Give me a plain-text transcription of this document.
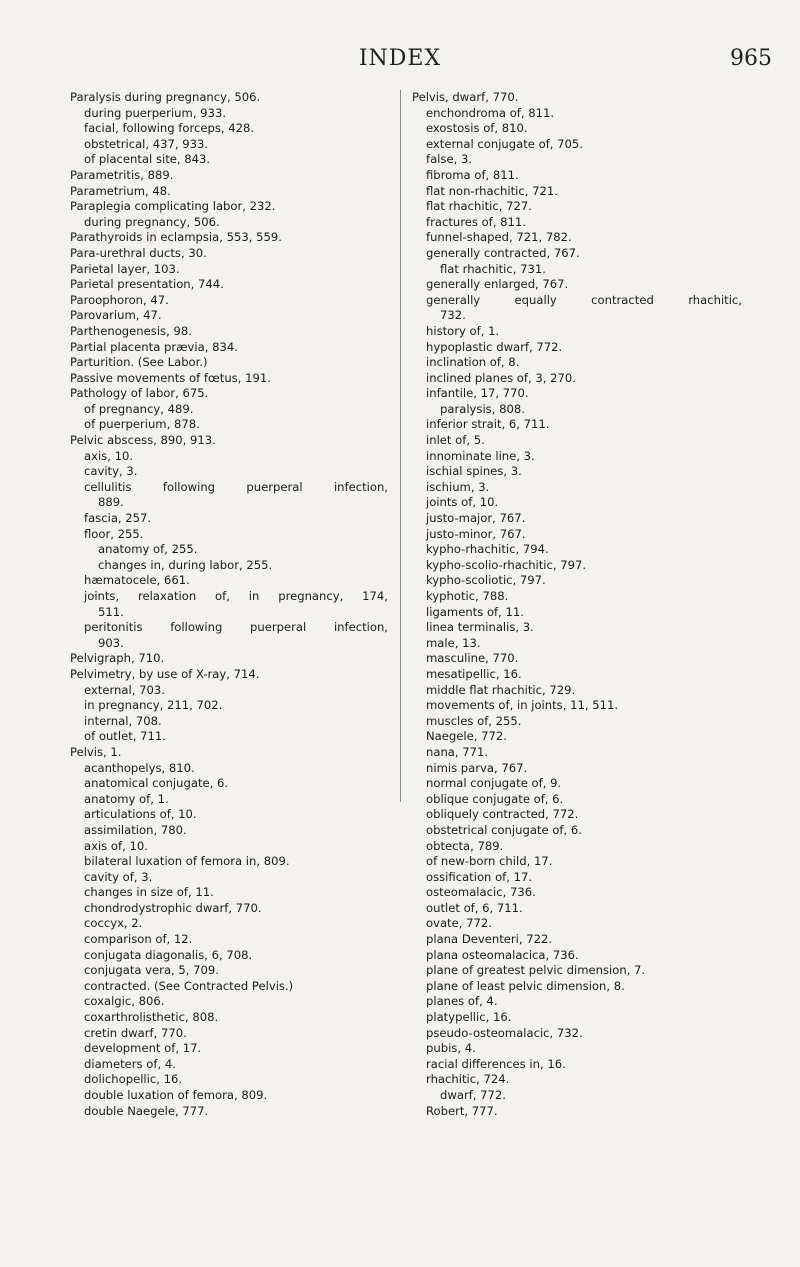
INDEX	965
Paralysis during pregnancy, 506.
during puerperium, 933.
facial, following forceps, 428.
obstetrical, 437, 933.
of placental site, 843.
Parametritis, 889.
Parametrium, 48.
Paraplegia complicating labor, 232.
during pregnancy, 506.
Parathyroids in eclampsia, 553, 559.
Para-urethral ducts, 30.
Parietal layer, 103.
Parietal presentation, 744.
Paroophoron, 47.
Parovarium, 47.
Parthenogenesis, 98.
Partial placenta prævia, 834.
Parturition. (See Labor.)
Passive movements of fœtus, 191.
Pathology of labor, 675.
of pregnancy, 489.
of puerperium, 878.
Pelvic abscess, 890, 913.
axis, 10.
cavity, 3.
cellulitis following puerperal infection,
889.
fascia, 257.
floor, 255.
anatomy of, 255.
changes in, during labor, 255.
hæmatocele, 661.
joints, relaxation of, in pregnancy, 174,
511.
peritonitis following puerperal infection,
903.
Pelvigraph, 710.
Pelvimetry, by use of X-ray, 714.
external, 703.
in pregnancy, 211, 702.
internal, 708.
of outlet, 711.
Pelvis, 1.
acanthopelys, 810.
anatomical conjugate, 6.
anatomy of, 1.
articulations of, 10.
assimilation, 780.
axis of, 10.
bilateral luxation of femora in, 809.
cavity of, 3.
changes in size of, 11.
chondrodystrophic dwarf, 770.
coccyx, 2.
comparison of, 12.
conjugata diagonalis, 6, 708.
conjugata vera, 5, 709.
contracted. (See Contracted Pelvis.)
coxalgic, 806.
coxarthrolisthetic, 808.
cretin dwarf, 770.
development of, 17.
diameters of, 4.
dolichopellic, 16.
double luxation of femora, 809.
double Naegele, 777.
Pelvis, dwarf, 770.
enchondroma of, 811.
exostosis of, 810.
external conjugate of, 705.
false, 3.
fibroma of, 811.
flat non-rhachitic, 721.
flat rhachitic, 727.
fractures of, 811.
funnel-shaped, 721, 782.
generally contracted, 767.
flat rhachitic, 731.
generally enlarged, 767.
generally equally contracted rhachitic,
732.
history of, 1.
hypoplastic dwarf, 772.
inclination of, 8.
inclined planes of, 3, 270.
infantile, 17, 770.
paralysis, 808.
inferior strait, 6, 711.
inlet of, 5.
innominate line, 3.
ischial spines, 3.
ischium, 3.
joints of, 10.
justo-major, 767.
justo-minor, 767.
kypho-rhachitic, 794.
kypho-scolio-rhachitic, 797.
kypho-scoliotic, 797.
kyphotic, 788.
ligaments of, 11.
linea terminalis, 3.
male, 13.
masculine, 770.
mesatipellic, 16.
middle flat rhachitic, 729.
movements of, in joints, 11, 511.
muscles of, 255.
Naegele, 772.
nana, 771.
nimis parva, 767.
normal conjugate of, 9.
oblique conjugate of, 6.
obliquely contracted, 772.
obstetrical conjugate of, 6.
obtecta, 789.
of new-born child, 17.
ossification of, 17.
osteomalacic, 736.
outlet of, 6, 711.
ovate, 772.
plana Deventeri, 722.
plana osteomalacica, 736.
plane of greatest pelvic dimension, 7.
plane of least pelvic dimension, 8.
planes of, 4.
platypellic, 16.
pseudo-osteomalacic, 732.
pubis, 4.
racial differences in, 16.
rhachitic, 724.
dwarf, 772.
Robert, 777.
